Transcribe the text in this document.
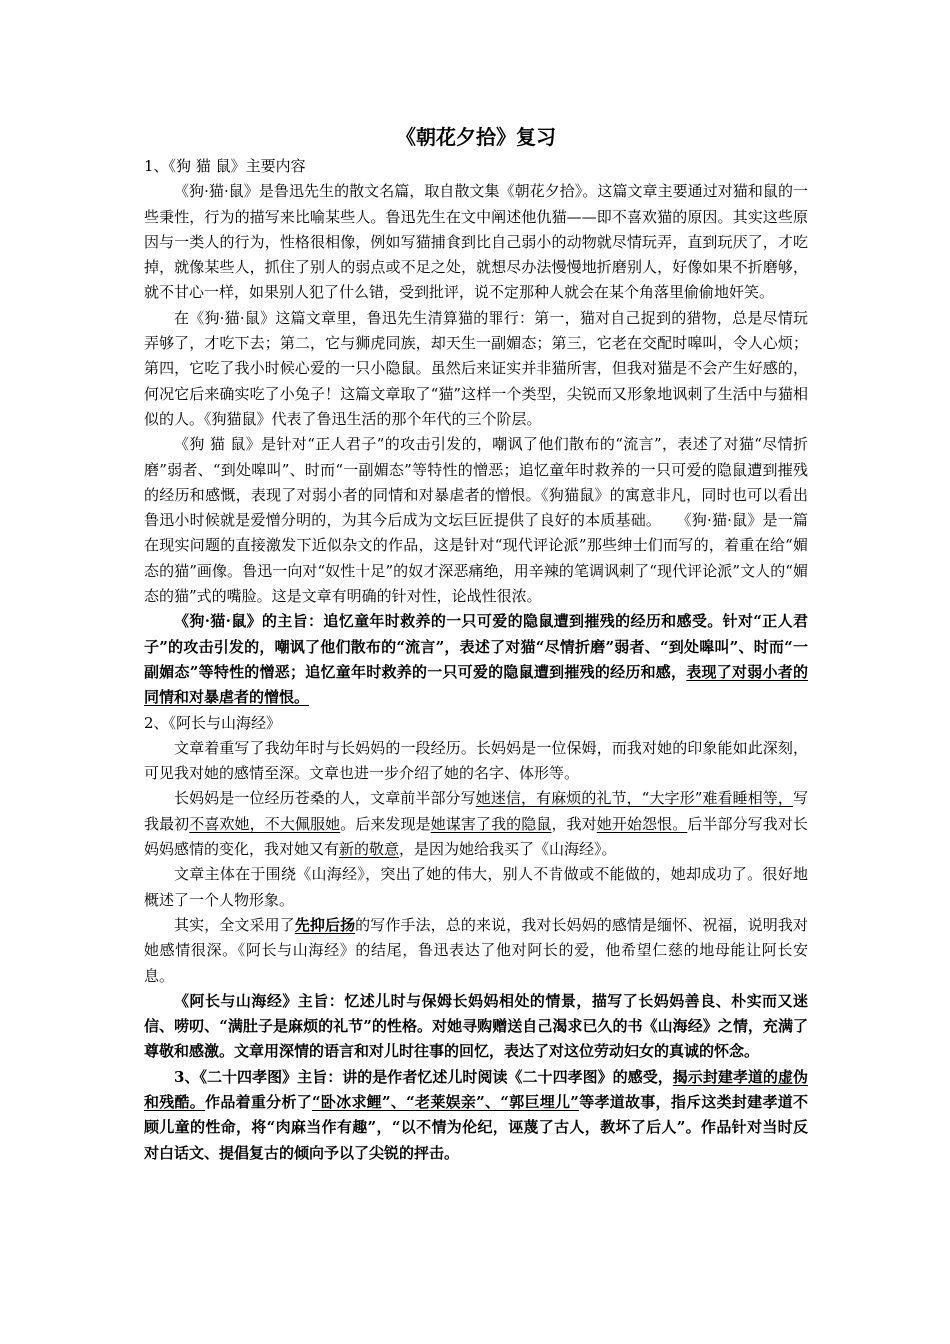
《朝花夕拾》复习
1、《狗 猫 鼠》主要内容

《狗·猫·鼠》是鲁迅先生的散文名篇，取自散文集《朝花夕拾》。这篇文章主要通过对猫和鼠的一些秉性，行为的描写来比喻某些人。鲁迅先生在文中阐述他仇猫——即不喜欢猫的原因。其实这些原因与一类人的行为，性格很相像，例如写猫捕食到比自己弱小的动物就尽情玩弄，直到玩厌了，才吃掉，就像某些人，抓住了别人的弱点或不足之处，就想尽办法慢慢地折磨别人，好像如果不折磨够，就不甘心一样，如果别人犯了什么错，受到批评，说不定那种人就会在某个角落里偷偷地奸笑。

在《狗·猫·鼠》这篇文章里，鲁迅先生清算猫的罪行：第一，猫对自己捉到的猎物，总是尽情玩弄够了，才吃下去；第二，它与狮虎同族，却天生一副媚态；第三，它老在交配时嗥叫，令人心烦；第四，它吃了我小时候心爱的一只小隐鼠。虽然后来证实并非猫所害，但我对猫是不会产生好感的，何况它后来确实吃了小兔子！这篇文章取了“猫”这样一个类型，尖锐而又形象地讽刺了生活中与猫相似的人。《狗猫鼠》代表了鲁迅生活的那个年代的三个阶层。

《狗 猫 鼠》是针对“正人君子”的攻击引发的，嘲讽了他们散布的“流言”，表述了对猫“尽情折磨”弱者、“到处嗥叫”、时而“一副媚态”等特性的憎恶；追忆童年时救养的一只可爱的隐鼠遭到摧残的经历和感慨，表现了对弱小者的同情和对暴虐者的憎恨。《狗猫鼠》的寓意非凡，同时也可以看出鲁迅小时候就是爱憎分明的，为其今后成为文坛巨匠提供了良好的本质基础。　　《狗·猫·鼠》是一篇在现实问题的直接激发下近似杂文的作品，这是针对“现代评论派”那些绅士们而写的，着重在给“媚态的猫”画像。鲁迅一向对“奴性十足”的奴才深恶痛绝，用辛辣的笔调讽刺了“现代评论派”文人的“媚态的猫”式的嘴脸。这是文章有明确的针对性，论战性很浓。

《狗·猫·鼠》的主旨：追忆童年时救养的一只可爱的隐鼠遭到摧残的经历和感受。针对“正人君子”的攻击引发的，嘲讽了他们散布的“流言”，表述了对猫“尽情折磨”弱者、“到处嗥叫”、时而“一副媚态”等特性的憎恶；追忆童年时救养的一只可爱的隐鼠遭到摧残的经历和感，表现了对弱小者的同情和对暴虐者的憎恨。

2、《阿长与山海经》

文章着重写了我幼年时与长妈妈的一段经历。长妈妈是一位保姆，而我对她的印象能如此深刻，可见我对她的感情至深。文章也进一步介绍了她的名字、体形等。

长妈妈是一位经历苍桑的人，文章前半部分写她迷信，有麻烦的礼节，“大字形”难看睡相等，写我最初不喜欢她，不大佩服她。后来发现是她谋害了我的隐鼠，我对她开始怨恨。后半部分写我对长妈妈感情的变化，我对她又有新的敬意，是因为她给我买了《山海经》。

文章主体在于围绕《山海经》，突出了她的伟大，别人不肯做或不能做的，她却成功了。很好地概述了一个人物形象。

其实，全文采用了先抑后扬的写作手法，总的来说，我对长妈妈的感情是缅怀、祝福，说明我对她感情很深。《阿长与山海经》的结尾，鲁迅表达了他对阿长的爱，他希望仁慈的地母能让阿长安息。

《阿长与山海经》主旨：忆述儿时与保姆长妈妈相处的情景，描写了长妈妈善良、朴实而又迷信、唠叨、“满肚子是麻烦的礼节”的性格。对她寻购赠送自己渴求已久的书《山海经》之情，充满了尊敬和感激。文章用深情的语言和对儿时往事的回忆，表达了对这位劳动妇女的真诚的怀念。

3、《二十四孝图》主旨：讲的是作者忆述儿时阅读《二十四孝图》的感受，揭示封建孝道的虚伪和残酷。作品着重分析了“卧冰求鲤”、“老莱娱亲”、“郭巨埋儿”等孝道故事，指斥这类封建孝道不顾儿童的性命，将“肉麻当作有趣”，“以不情为伦纪，诬蔑了古人，教坏了后人”。作品针对当时反对白话文、提倡复古的倾向予以了尖锐的抨击。
